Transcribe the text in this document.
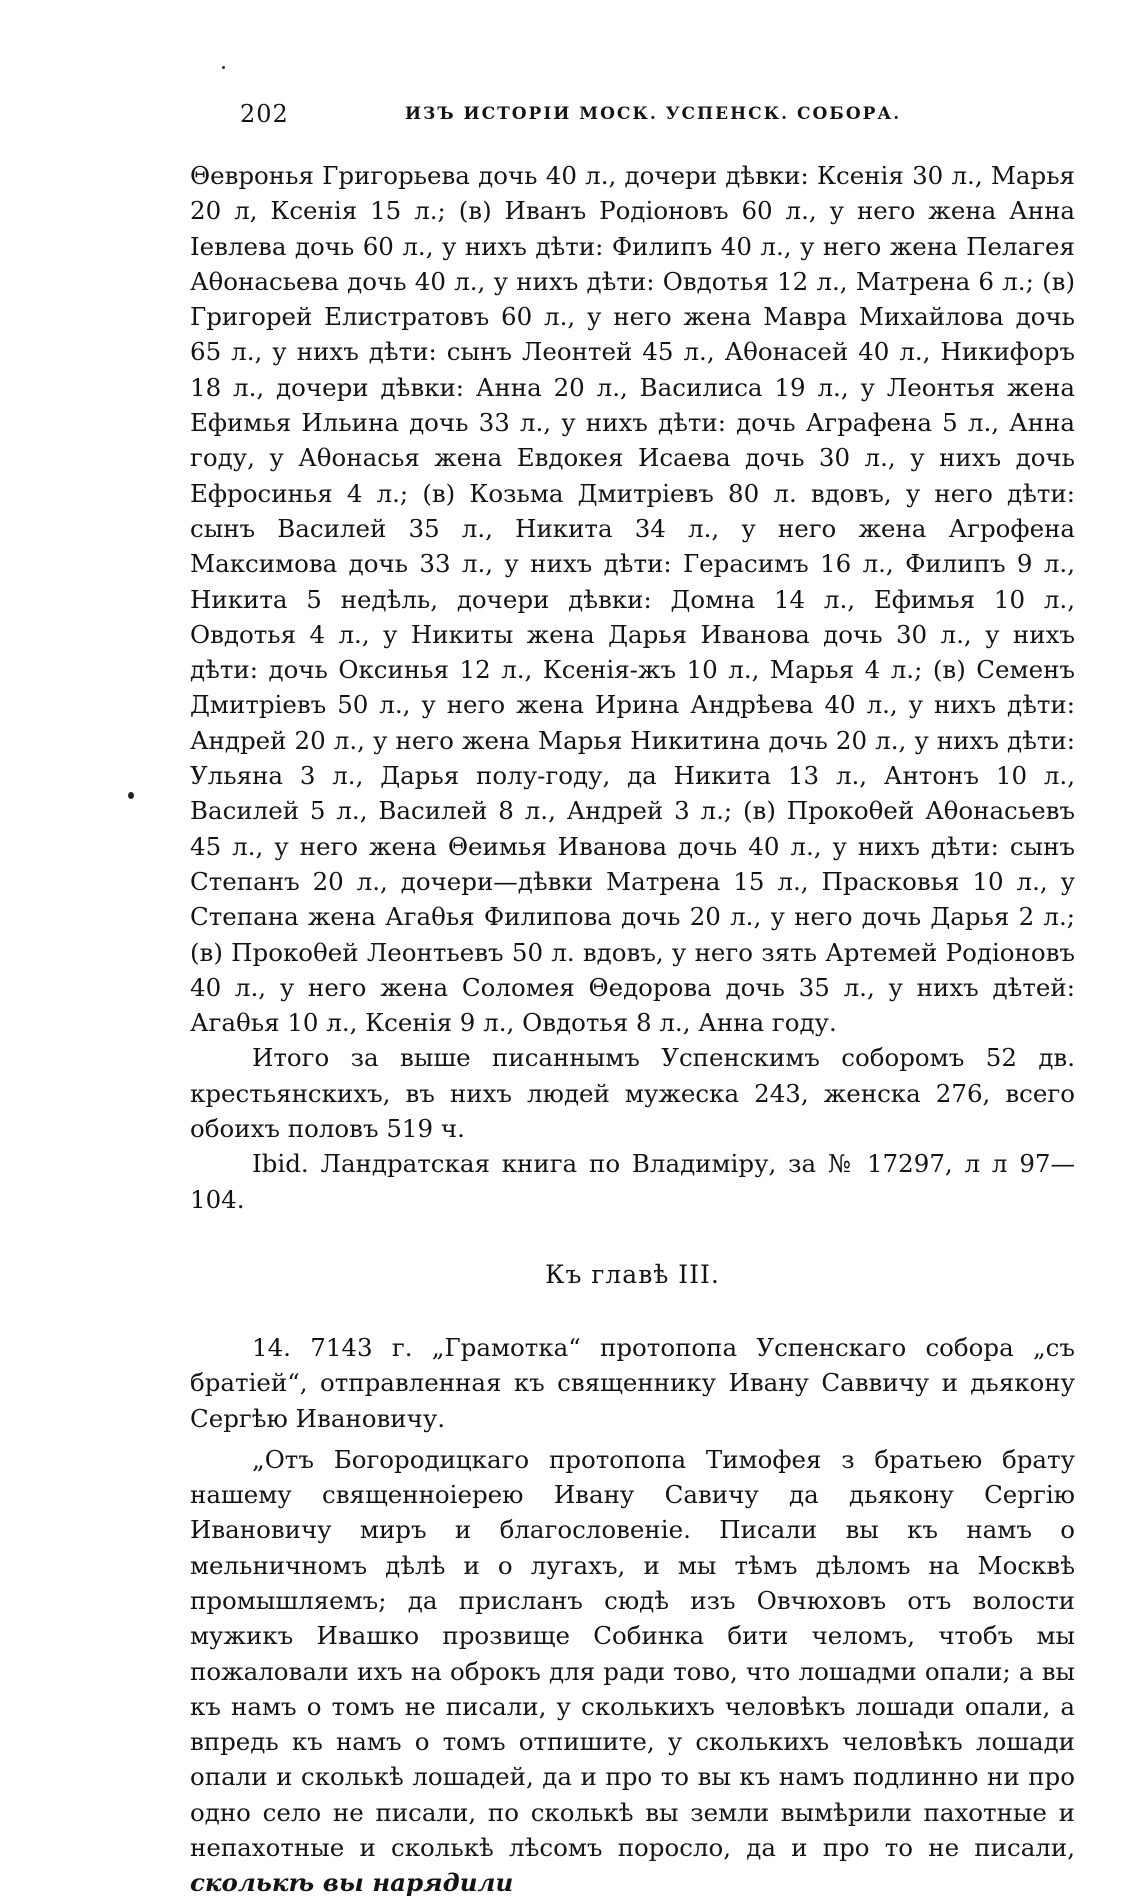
202	ИЗЪ ИСТОРІИ МОСК. УСПЕНСК. СОБОРА.

Θевронья Григорьева дочь 40 л., дочери дѣвки: Ксенія 30 л., Марья 20 л, Ксенія 15 л.; (в) Иванъ Родіоновъ 60 л., у него жена Анна Іевлева дочь 60 л., у нихъ дѣти: Филипъ 40 л., у него жена Пелагея Аθонасьева дочь 40 л., у нихъ дѣти: Овдотья 12 л., Матрена 6 л.; (в) Григорей Елистратовъ 60 л., у него жена Мавра Михайлова дочь 65 л., у нихъ дѣти: сынъ Леонтей 45 л., Аθонасей 40 л., Никифоръ 18 л., дочери дѣвки: Анна 20 л., Василиса 19 л., у Леонтья жена Ефимья Ильина дочь 33 л., у нихъ дѣти: дочь Аграфена 5 л., Анна году, у Аθонасья жена Евдокея Исаева дочь 30 л., у нихъ дочь Ефросинья 4 л.; (в) Козьма Дмитріевъ 80 л. вдовъ, у него дѣти: сынъ Василей 35 л., Никита 34 л., у него жена Агрофена Максимова дочь 33 л., у нихъ дѣти: Герасимъ 16 л., Филипъ 9 л., Никита 5 недѣль, дочери дѣвки: Домна 14 л., Ефимья 10 л., Овдотья 4 л., у Никиты жена Дарья Иванова дочь 30 л., у нихъ дѣти: дочь Оксинья 12 л., Ксенія-жъ 10 л., Марья 4 л.; (в) Семенъ Дмитріевъ 50 л., у него жена Ирина Андрѣева 40 л., у нихъ дѣти: Андрей 20 л., у него жена Марья Никитина дочь 20 л., у нихъ дѣти: Ульяна 3 л., Дарья полу-году, да Никита 13 л., Антонъ 10 л., Василей 5 л., Василей 8 л., Андрей 3 л.; (в) Прокоθей Аθонасьевъ 45 л., у него жена Θеимья Иванова дочь 40 л., у нихъ дѣти: сынъ Степанъ 20 л., дочери—дѣвки Матрена 15 л., Прасковья 10 л., у Степана жена Агаθья Филипова дочь 20 л., у него дочь Дарья 2 л.; (в) Прокоθей Леонтьевъ 50 л. вдовъ, у него зять Артемей Родіоновъ 40 л., у него жена Соломея Θедорова дочь 35 л., у нихъ дѣтей: Агаθья 10 л., Ксенія 9 л., Овдотья 8 л., Анна году.

Итого за выше писаннымъ Успенскимъ соборомъ 52 дв. крестьянскихъ, въ нихъ людей мужеска 243, женска 276, всего обоихъ половъ 519 ч.

Ibid. Ландратская книга по Владиміру, за № 17297, л л 97—104.

Къ главѣ III.

14. 7143 г. „Грамотка“ протопопа Успенскаго собора „съ братіей“, отправленная къ священнику Ивану Саввичу и дьякону Сергѣю Ивановичу.

„Отъ Богородицкаго протопопа Тимофея з братьею брату нашему священноіерею Ивану Савичу да дьякону Сергію Ивановичу миръ и благословеніе. Писали вы къ намъ о мельничномъ дѣлѣ и о лугахъ, и мы тѣмъ дѣломъ на Москвѣ промышляемъ; да присланъ сюдѣ изъ Овчюховъ отъ волости мужикъ Ивашко прозвище Собинка бити челомъ, чтобъ мы пожаловали ихъ на оброкъ для ради тово, что лошадми опали; а вы къ намъ о томъ не писали, у сколькихъ человѣкъ лошади опали, а впредь къ намъ о томъ отпишите, у сколькихъ человѣкъ лошади опали и сколькѣ лошадей, да и про то вы къ намъ подлинно ни про одно село не писали, по сколькѣ вы земли вымѣрили пахотные и непахотные и сколькѣ лѣсомъ поросло, да и про то не писали, сколькѣ вы нарядили
